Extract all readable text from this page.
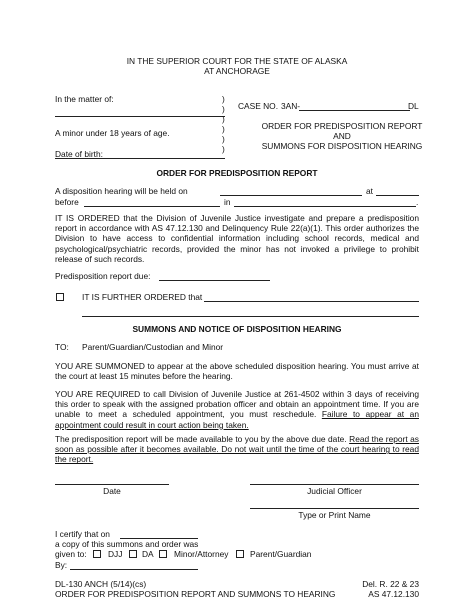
IN THE SUPERIOR COURT FOR THE STATE OF ALASKA
AT ANCHORAGE
In the matter of:
A minor under 18 years of age.
Date of birth:
)
)
)
)
)
)
CASE NO. 3AN-	DL
ORDER FOR PREDISPOSITION REPORT
AND
SUMMONS FOR DISPOSITION HEARING
ORDER FOR PREDISPOSITION REPORT
A disposition hearing will be held on	at
before	in	.
IT IS ORDERED that the Division of Juvenile Justice investigate and prepare a predisposition report in accordance with AS 47.12.130 and Delinquency Rule 22(a)(1). This order authorizes the Division to have access to confidential information including school records, medical and psychological/psychiatric records, provided the minor has not invoked a privilege to prohibit release of such records.
Predisposition report due:
IT IS FURTHER ORDERED that
SUMMONS AND NOTICE OF DISPOSITION HEARING
TO: Parent/Guardian/Custodian and Minor
YOU ARE SUMMONED to appear at the above scheduled disposition hearing. You must arrive at the court at least 15 minutes before the hearing.
YOU ARE REQUIRED to call Division of Juvenile Justice at 261-4502 within 3 days of receiving this order to speak with the assigned probation officer and obtain an appointment time. If you are unable to meet a scheduled appointment, you must reschedule. Failure to appear at an appointment could result in court action being taken.
The predisposition report will be made available to you by the above due date. Read the report as soon as possible after it becomes available. Do not wait until the time of the court hearing to read the report.
Date	Judicial Officer
Type or Print Name
I certify that on
a copy of this summons and order was
given to:	DJJ DA Minor/Attorney	Parent/Guardian
By:
DL-130 ANCH (5/14)(cs)
ORDER FOR PREDISPOSITION REPORT AND SUMMONS TO HEARING
Del. R. 22 & 23
AS 47.12.130
